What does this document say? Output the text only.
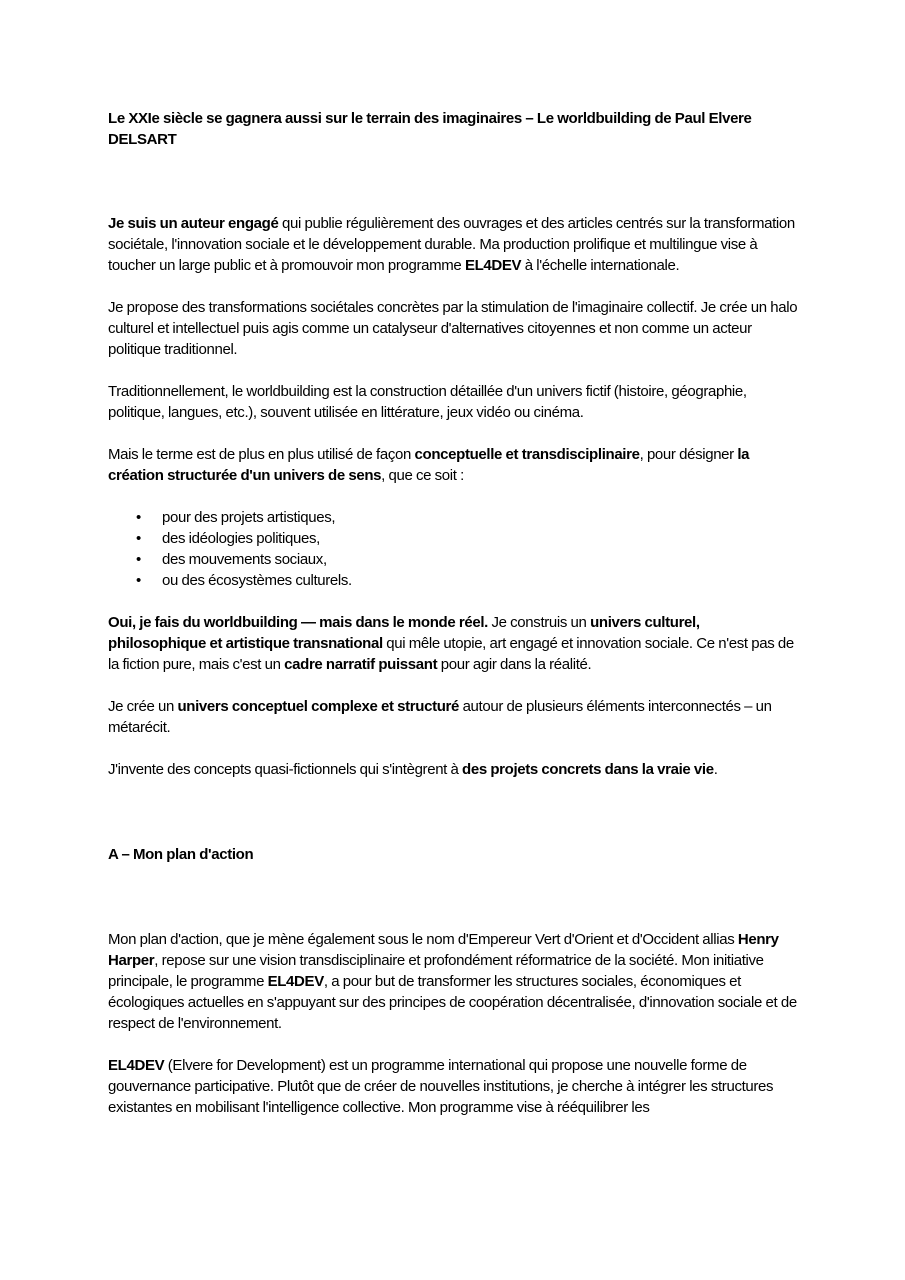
Le XXIe siècle se gagnera aussi sur le terrain des imaginaires – Le worldbuilding de Paul Elvere DELSART

Je suis un auteur engagé qui publie régulièrement des ouvrages et des articles centrés sur la transformation sociétale, l'innovation sociale et le développement durable. Ma production prolifique et multilingue vise à toucher un large public et à promouvoir mon programme EL4DEV à l'échelle internationale.

Je propose des transformations sociétales concrètes par la stimulation de l'imaginaire collectif. Je crée un halo culturel et intellectuel puis agis comme un catalyseur d'alternatives citoyennes et non comme un acteur politique traditionnel.

Traditionnellement, le worldbuilding est la construction détaillée d'un univers fictif (histoire, géographie, politique, langues, etc.), souvent utilisée en littérature, jeux vidéo ou cinéma.

Mais le terme est de plus en plus utilisé de façon conceptuelle et transdisciplinaire, pour désigner la création structurée d'un univers de sens, que ce soit :

• pour des projets artistiques,
• des idéologies politiques,
• des mouvements sociaux,
• ou des écosystèmes culturels.

Oui, je fais du worldbuilding — mais dans le monde réel. Je construis un univers culturel, philosophique et artistique transnational qui mêle utopie, art engagé et innovation sociale. Ce n'est pas de la fiction pure, mais c'est un cadre narratif puissant pour agir dans la réalité.

Je crée un univers conceptuel complexe et structuré autour de plusieurs éléments interconnectés – un métarécit.

J'invente des concepts quasi-fictionnels qui s'intègrent à des projets concrets dans la vraie vie.

A – Mon plan d'action

Mon plan d'action, que je mène également sous le nom d'Empereur Vert d'Orient et d'Occident allias Henry Harper, repose sur une vision transdisciplinaire et profondément réformatrice de la société. Mon initiative principale, le programme EL4DEV, a pour but de transformer les structures sociales, économiques et écologiques actuelles en s'appuyant sur des principes de coopération décentralisée, d'innovation sociale et de respect de l'environnement.

EL4DEV (Elvere for Development) est un programme international qui propose une nouvelle forme de gouvernance participative. Plutôt que de créer de nouvelles institutions, je cherche à intégrer les structures existantes en mobilisant l'intelligence collective. Mon programme vise à rééquilibrer les
